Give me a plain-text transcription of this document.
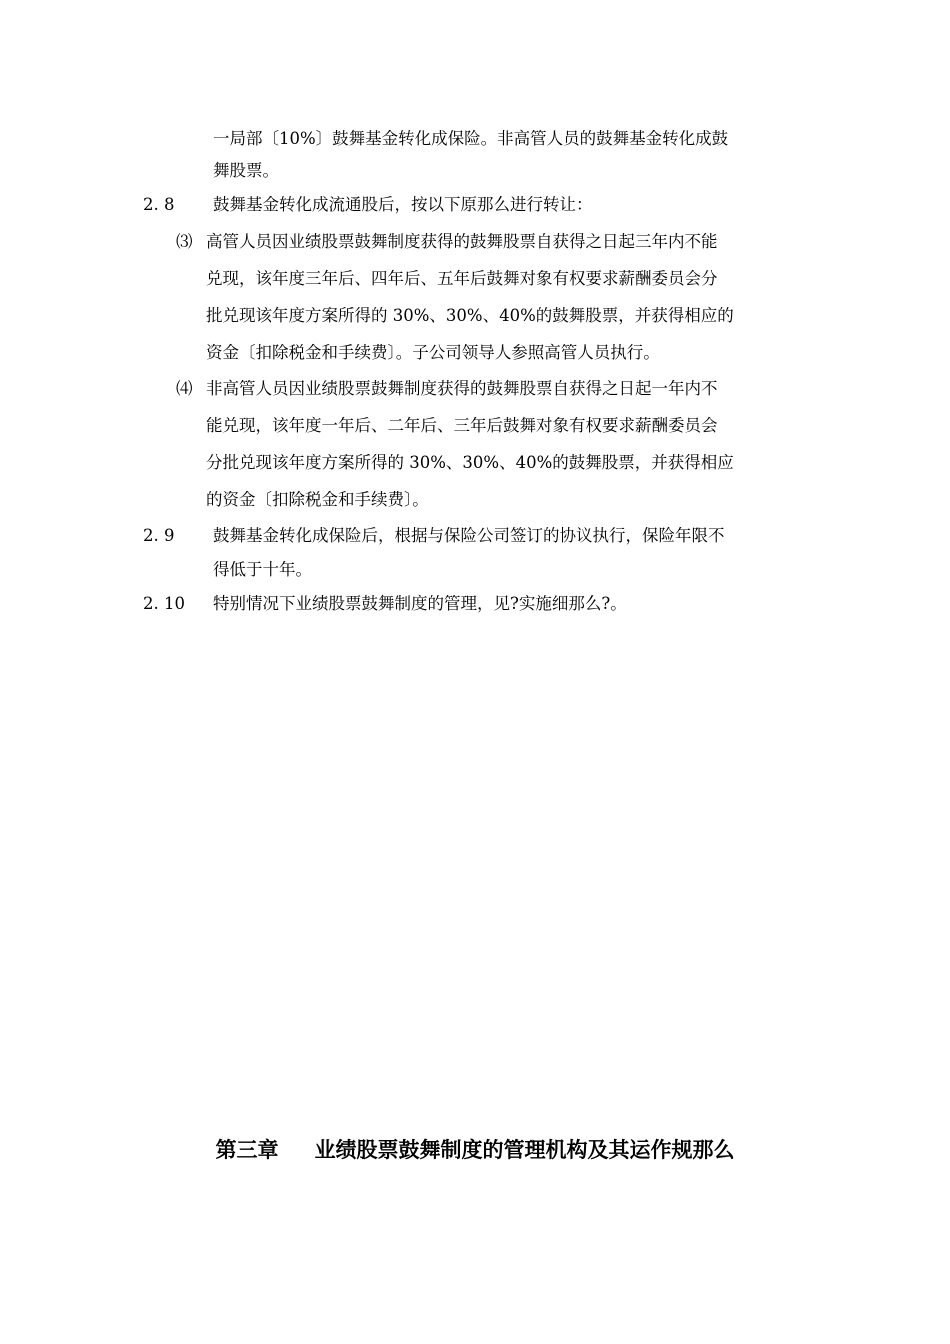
一局部〔10%〕鼓舞基金转化成保险。非高管人员的鼓舞基金转化成鼓
舞股票。
2. 8 鼓舞基金转化成流通股后，按以下原那么进行转让：
⑶ 高管人员因业绩股票鼓舞制度获得的鼓舞股票自获得之日起三年内不能
兑现，该年度三年后、四年后、五年后鼓舞对象有权要求薪酬委员会分
批兑现该年度方案所得的 30%、30%、40%的鼓舞股票，并获得相应的
资金〔扣除税金和手续费〕。子公司领导人参照高管人员执行。
⑷ 非高管人员因业绩股票鼓舞制度获得的鼓舞股票自获得之日起一年内不
能兑现，该年度一年后、二年后、三年后鼓舞对象有权要求薪酬委员会
分批兑现该年度方案所得的 30%、30%、40%的鼓舞股票，并获得相应
的资金〔扣除税金和手续费〕。
2. 9 鼓舞基金转化成保险后，根据与保险公司签订的协议执行，保险年限不
得低于十年。
2. 10 特别情况下业绩股票鼓舞制度的管理，见?实施细那么?。
第三章 业绩股票鼓舞制度的管理机构及其运作规那么
